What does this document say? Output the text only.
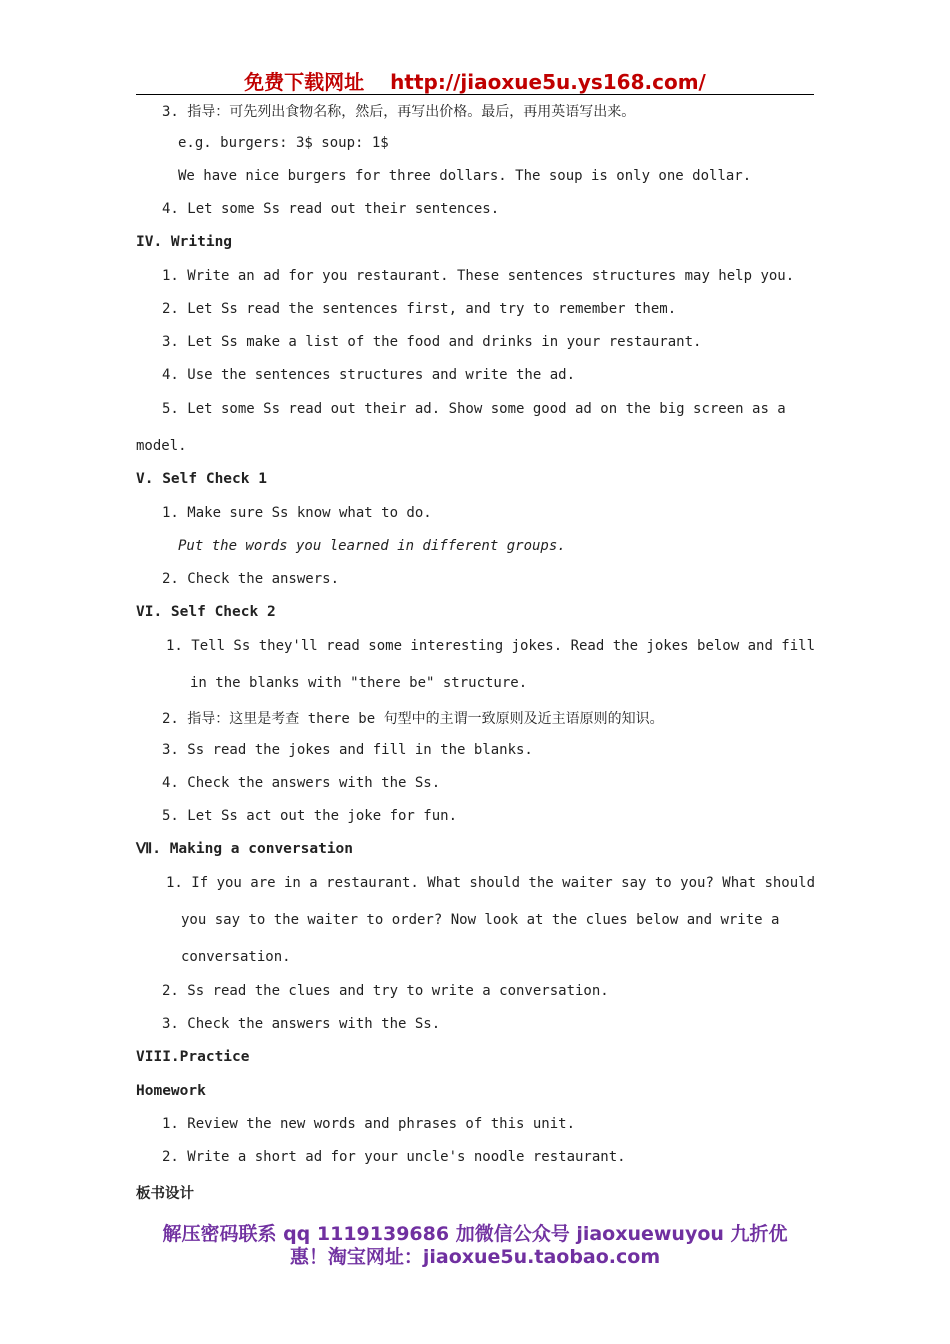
免费下载网址 http://jiaoxue5u.ys168.com/
3. 指导：可先列出食物名称，然后，再写出价格。最后，再用英语写出来。
e.g. burgers: 3$ soup: 1$
We have nice burgers for three dollars. The soup is only one dollar.
4. Let some Ss read out their sentences.
IV. Writing
1. Write an ad for you restaurant. These sentences structures may help you.
2. Let Ss read the sentences first, and try to remember them.
3. Let Ss make a list of the food and drinks in your restaurant.
4. Use the sentences structures and write the ad.
5. Let some Ss read out their ad. Show some good ad on the big screen as a
model.
V. Self Check 1
1. Make sure Ss know what to do.
Put the words you learned in different groups.
2. Check the answers.
VI. Self Check 2
1. Tell Ss they'll read some interesting jokes. Read the jokes below and fill
in the blanks with "there be" structure.
2. 指导：这里是考查 there be 句型中的主谓一致原则及近主语原则的知识。
3. Ss read the jokes and fill in the blanks.
4. Check the answers with the Ss.
5. Let Ss act out the joke for fun.
Ⅶ. Making a conversation
1. If you are in a restaurant. What should the waiter say to you? What should
you say to the waiter to order? Now look at the clues below and write a
conversation.
2. Ss read the clues and try to write a conversation.
3. Check the answers with the Ss.
VIII.Practice
Homework
1. Review the new words and phrases of this unit.
2. Write a short ad for your uncle's noodle restaurant.
板书设计
解压密码联系 qq 1119139686 加微信公众号 jiaoxuewuyou 九折优
惠！淘宝网址：jiaoxue5u.taobao.com
